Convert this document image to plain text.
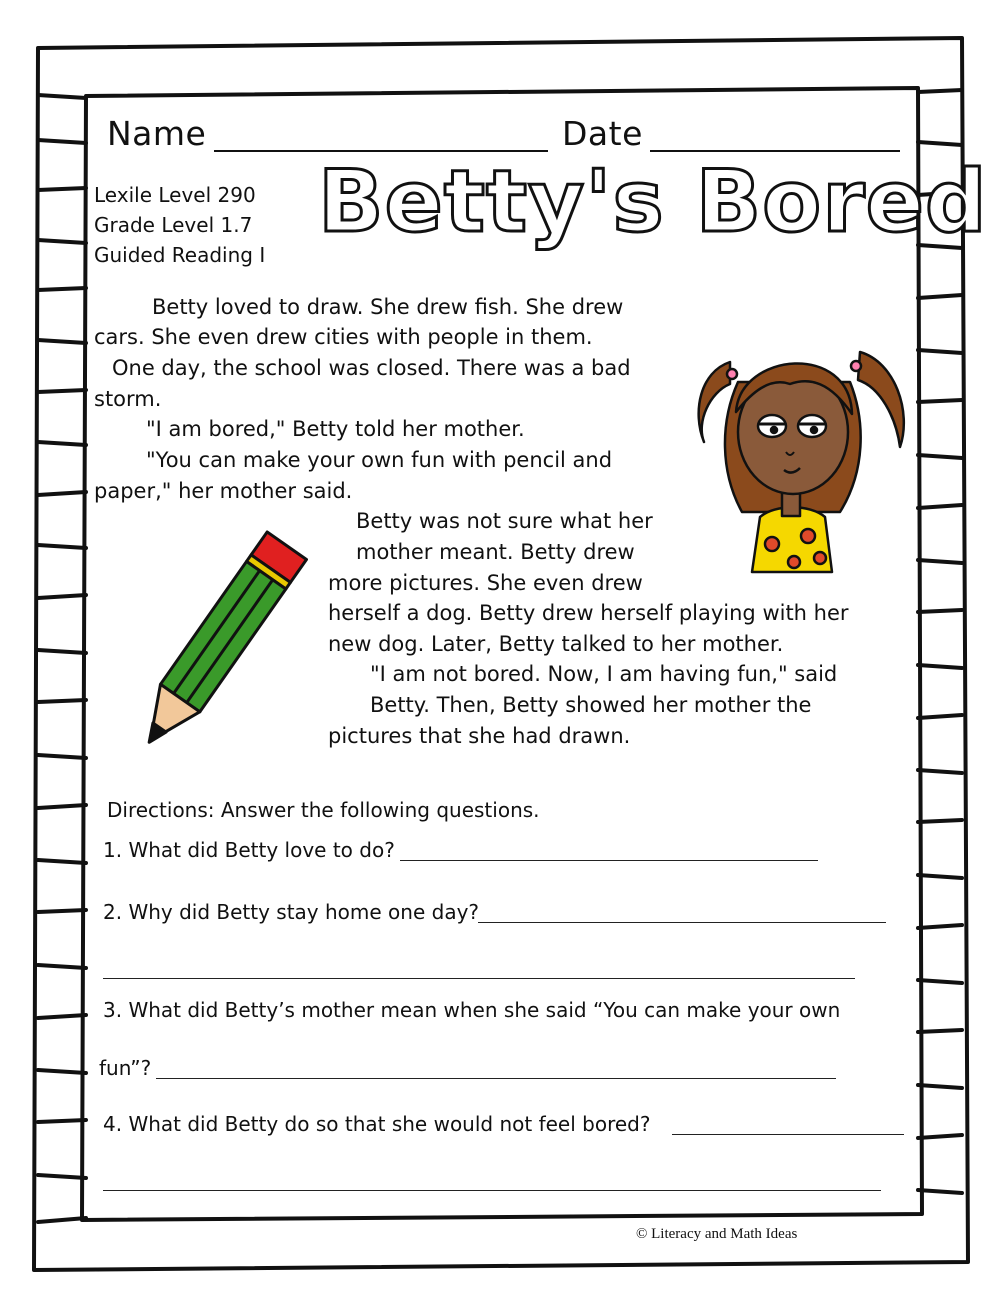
Name	Date
Lexile Level 290
Grade Level 1.7
Guided Reading I
Betty's Bored

Betty loved to draw. She drew fish. She drew

cars. She even drew cities with people in them.

One day, the school was closed. There was a bad

storm.

"I am bored," Betty told her mother.

"You can make your own fun with pencil and

paper," her mother said.

Betty was not sure what her

mother meant. Betty drew

more pictures. She even drew

herself a dog. Betty drew herself playing with her

new dog. Later, Betty talked to her mother.

"I am not bored. Now, I am having fun," said

Betty. Then, Betty showed her mother the

pictures that she had drawn.

Directions: Answer the following questions.
1. What did Betty love to do?
2. Why did Betty stay home one day?
3. What did Betty’s mother mean when she said “You can make your own
fun”?
4. What did Betty do so that she would not feel bored?
© Literacy and Math Ideas
